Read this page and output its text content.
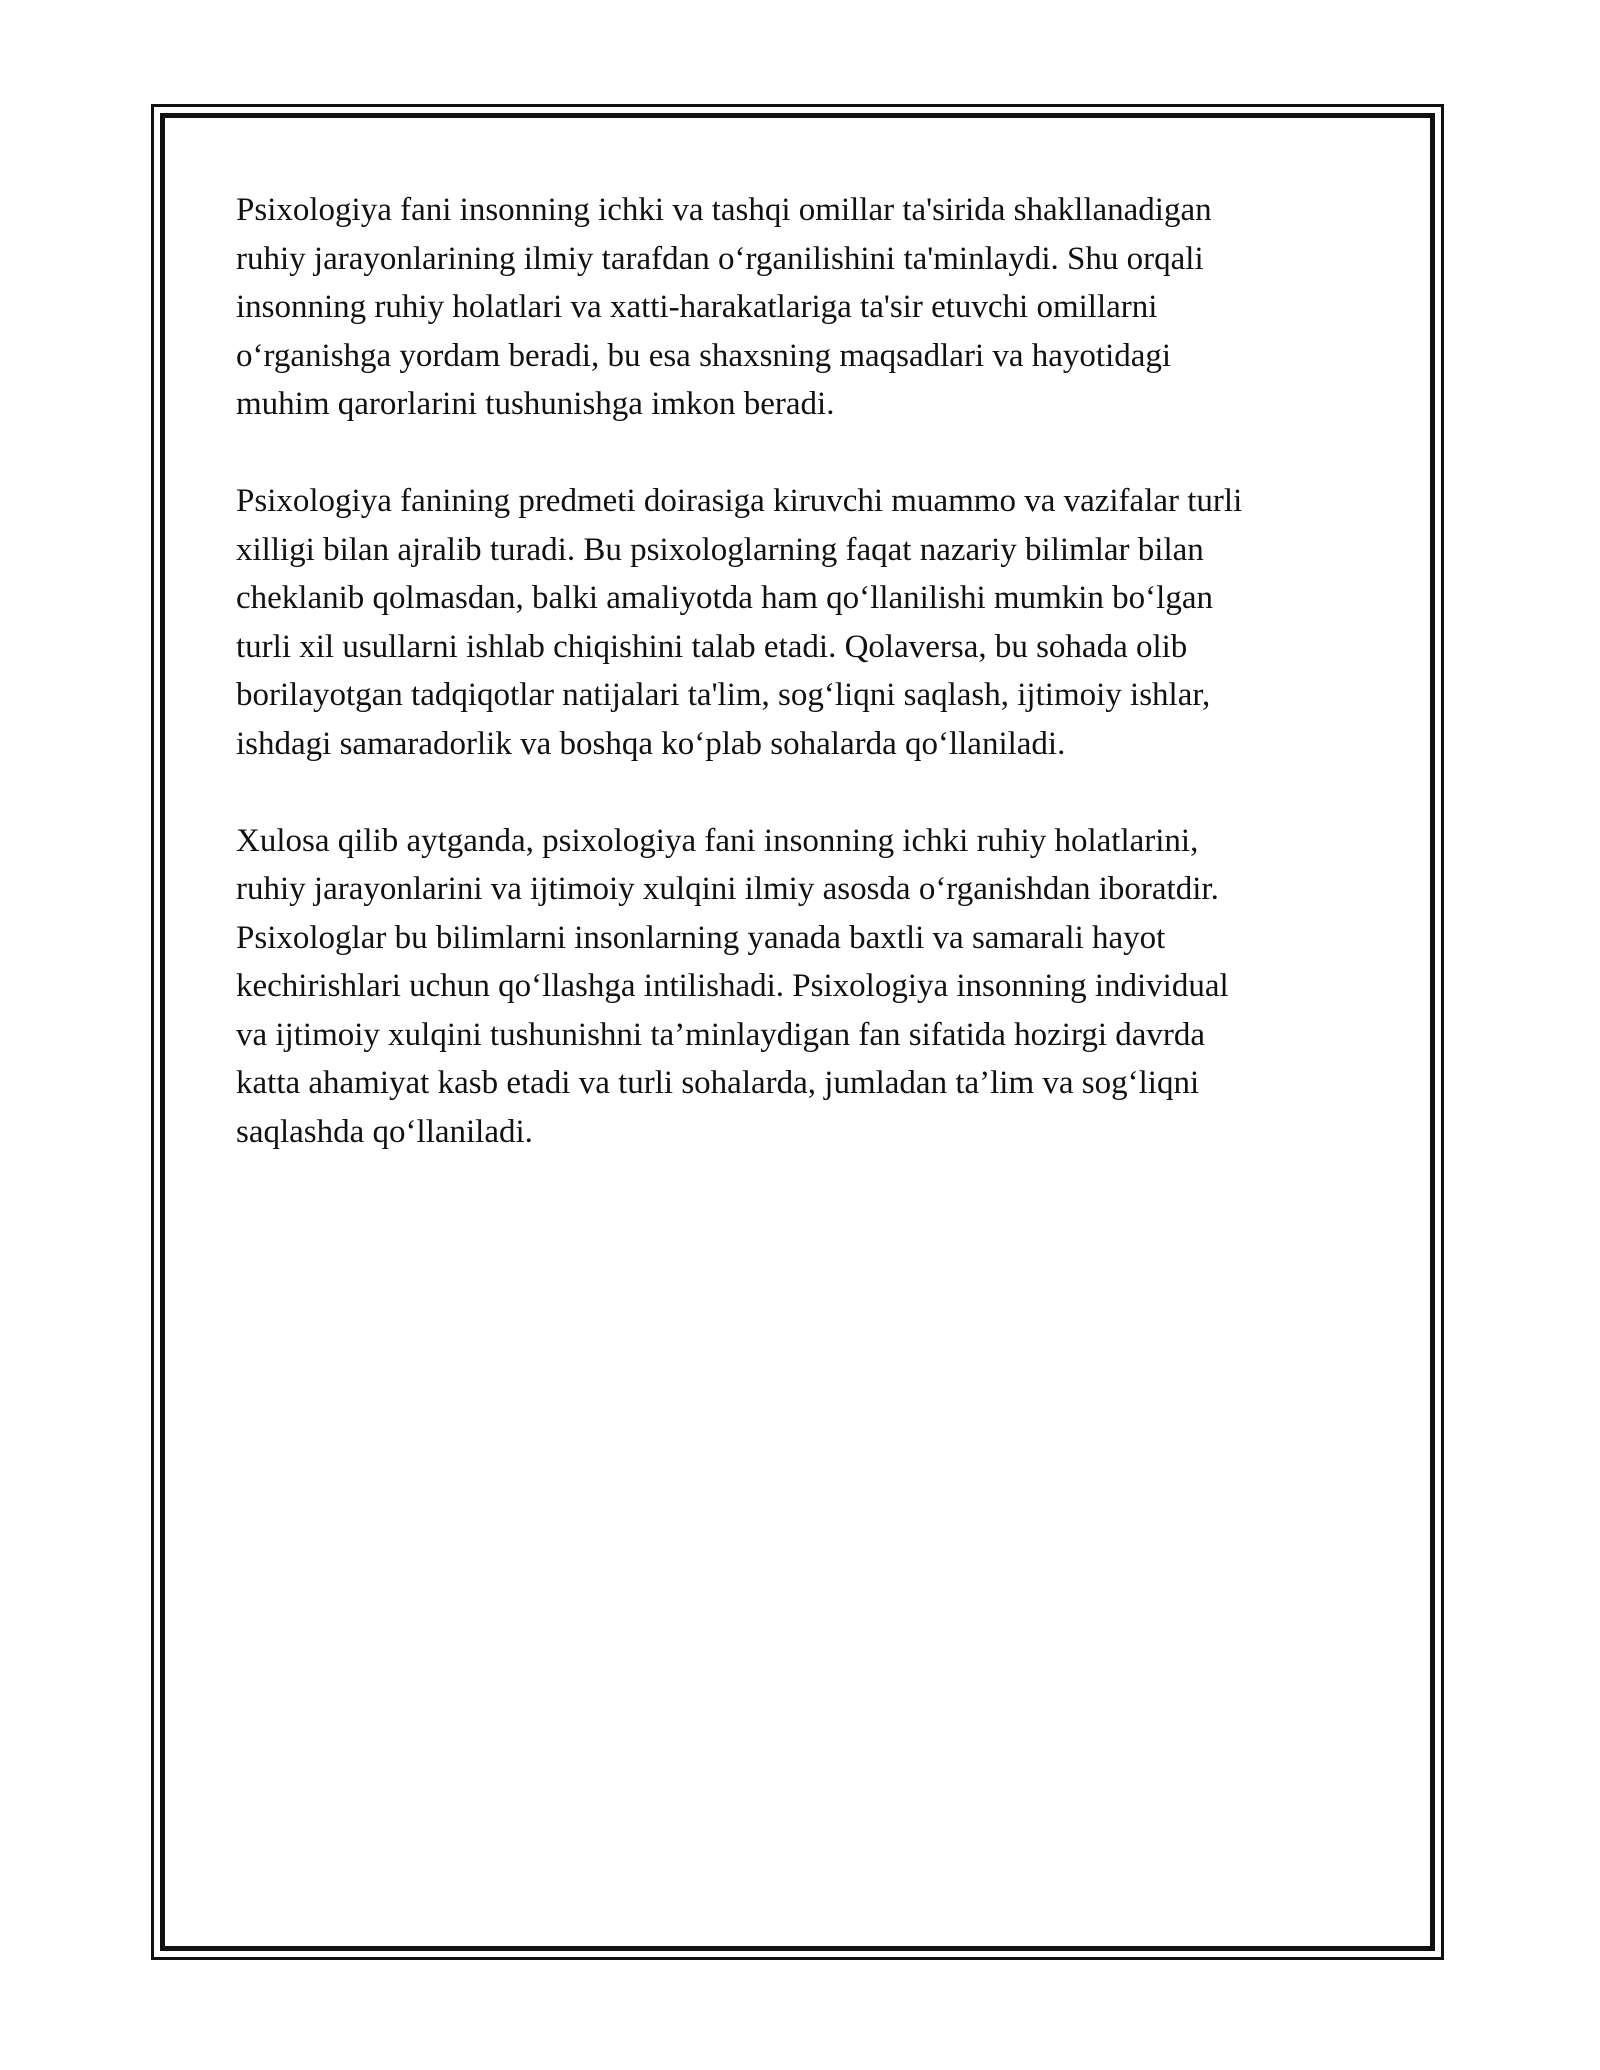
Psixologiya fani insonning ichki va tashqi omillar ta'sirida shakllanadigan
ruhiy jarayonlarining ilmiy tarafdan o‘rganilishini ta'minlaydi. Shu orqali
insonning ruhiy holatlari va xatti-harakatlariga ta'sir etuvchi omillarni
o‘rganishga yordam beradi, bu esa shaxsning maqsadlari va hayotidagi
muhim qarorlarini tushunishga imkon beradi.

Psixologiya fanining predmeti doirasiga kiruvchi muammo va vazifalar turli
xilligi bilan ajralib turadi. Bu psixologlarning faqat nazariy bilimlar bilan
cheklanib qolmasdan, balki amaliyotda ham qo‘llanilishi mumkin bo‘lgan
turli xil usullarni ishlab chiqishini talab etadi. Qolaversa, bu sohada olib
borilayotgan tadqiqotlar natijalari ta'lim, sog‘liqni saqlash, ijtimoiy ishlar,
ishdagi samaradorlik va boshqa ko‘plab sohalarda qo‘llaniladi.

Xulosa qilib aytganda, psixologiya fani insonning ichki ruhiy holatlarini,
ruhiy jarayonlarini va ijtimoiy xulqini ilmiy asosda o‘rganishdan iboratdir.
Psixologlar bu bilimlarni insonlarning yanada baxtli va samarali hayot
kechirishlari uchun qo‘llashga intilishadi. Psixologiya insonning individual
va ijtimoiy xulqini tushunishni ta’minlaydigan fan sifatida hozirgi davrda
katta ahamiyat kasb etadi va turli sohalarda, jumladan ta’lim va sog‘liqni
saqlashda qo‘llaniladi.
